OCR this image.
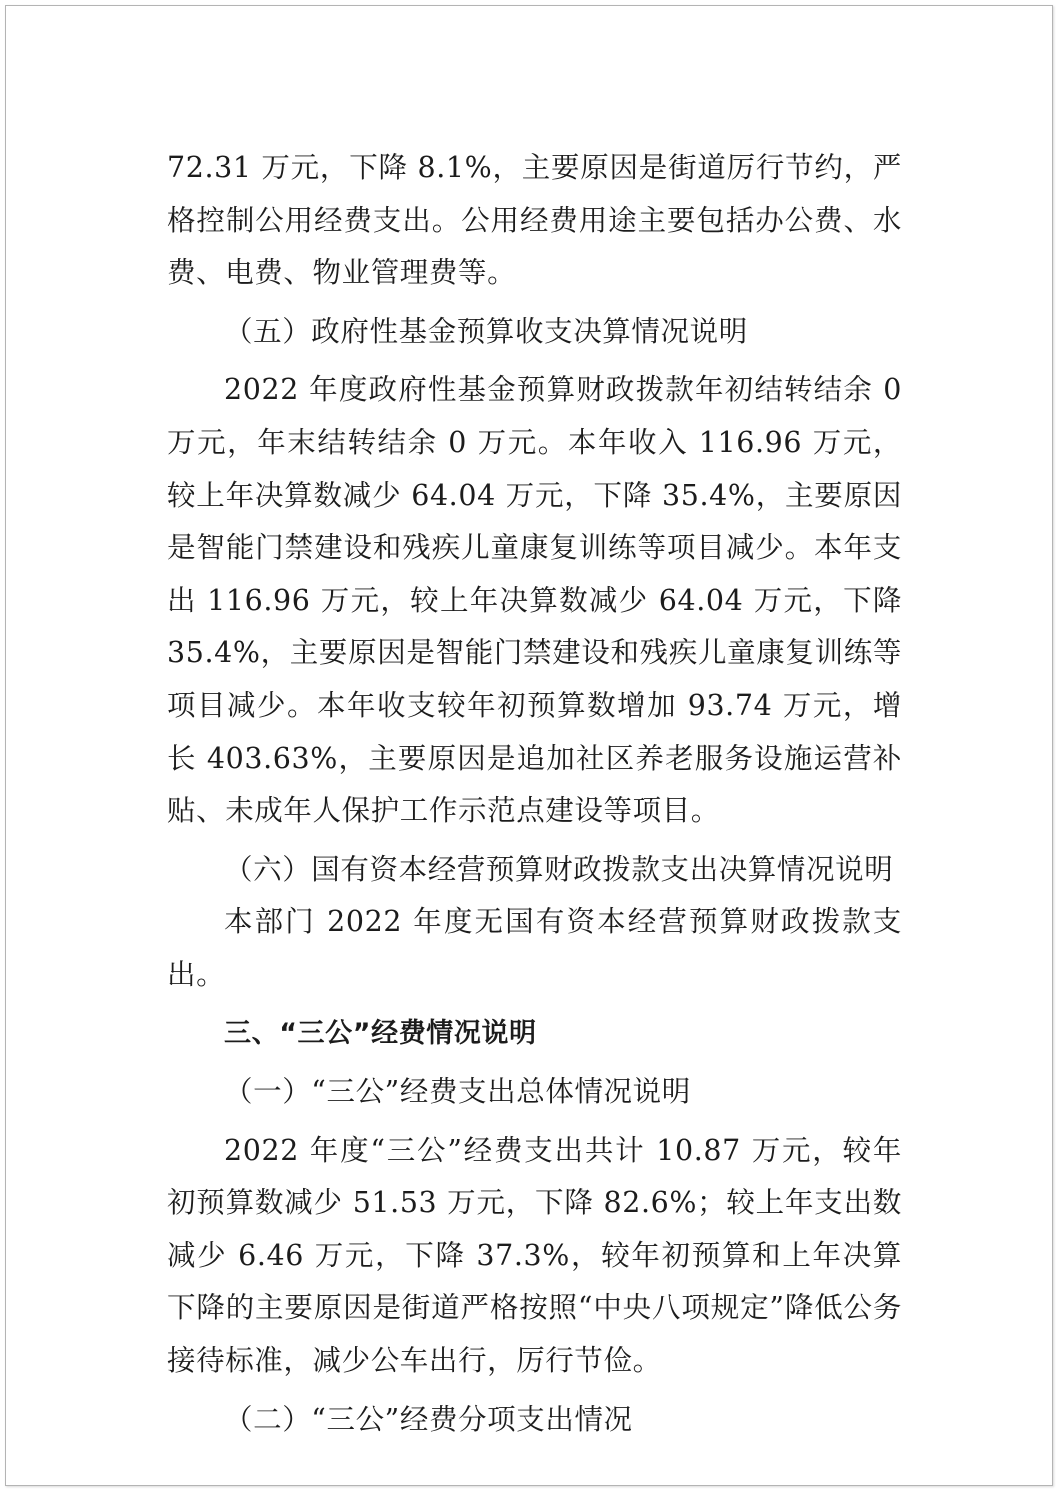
72.31 万元，下降 8.1%，主要原因是街道厉行节约，严格控制公用经费支出。公用经费用途主要包括办公费、水费、电费、物业管理费等。

（五）政府性基金预算收支决算情况说明

2022 年度政府性基金预算财政拨款年初结转结余 0 万元，年末结转结余 0 万元。本年收入 116.96 万元，较上年决算数减少 64.04 万元，下降 35.4%，主要原因是智能门禁建设和残疾儿童康复训练等项目减少。本年支出 116.96 万元，较上年决算数减少 64.04 万元，下降 35.4%，主要原因是智能门禁建设和残疾儿童康复训练等项目减少。本年收支较年初预算数增加 93.74 万元，增长 403.63%，主要原因是追加社区养老服务设施运营补贴、未成年人保护工作示范点建设等项目。

（六）国有资本经营预算财政拨款支出决算情况说明

本部门 2022 年度无国有资本经营预算财政拨款支出。

三、“三公”经费情况说明

（一）“三公”经费支出总体情况说明

2022 年度“三公”经费支出共计 10.87 万元，较年初预算数减少 51.53 万元，下降 82.6%；较上年支出数减少 6.46 万元，下降 37.3%，较年初预算和上年决算下降的主要原因是街道严格按照“中央八项规定”降低公务接待标准，减少公车出行，厉行节俭。

（二）“三公”经费分项支出情况
